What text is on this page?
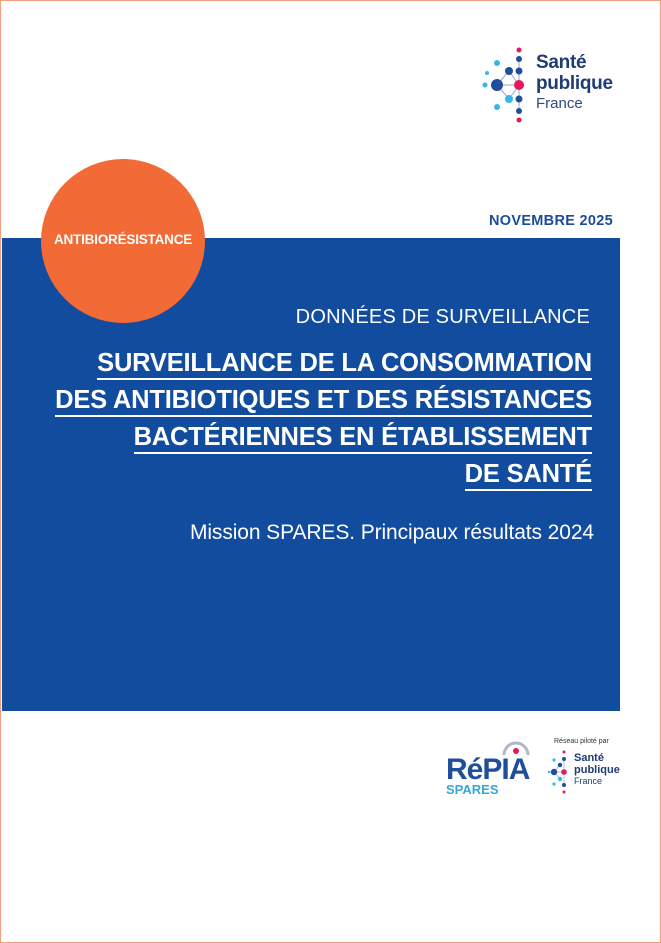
Santé
publique
France
NOVEMBRE 2025
ANTIBIORÉSISTANCE
DONNÉES DE SURVEILLANCE
SURVEILLANCE DE LA CONSOMMATION
DES ANTIBIOTIQUES ET DES RÉSISTANCES
BACTÉRIENNES EN ÉTABLISSEMENT
DE SANTÉ
Mission SPARES. Principaux résultats 2024
RéPIA
SPARES
Réseau piloté par
Santé
publique
France
